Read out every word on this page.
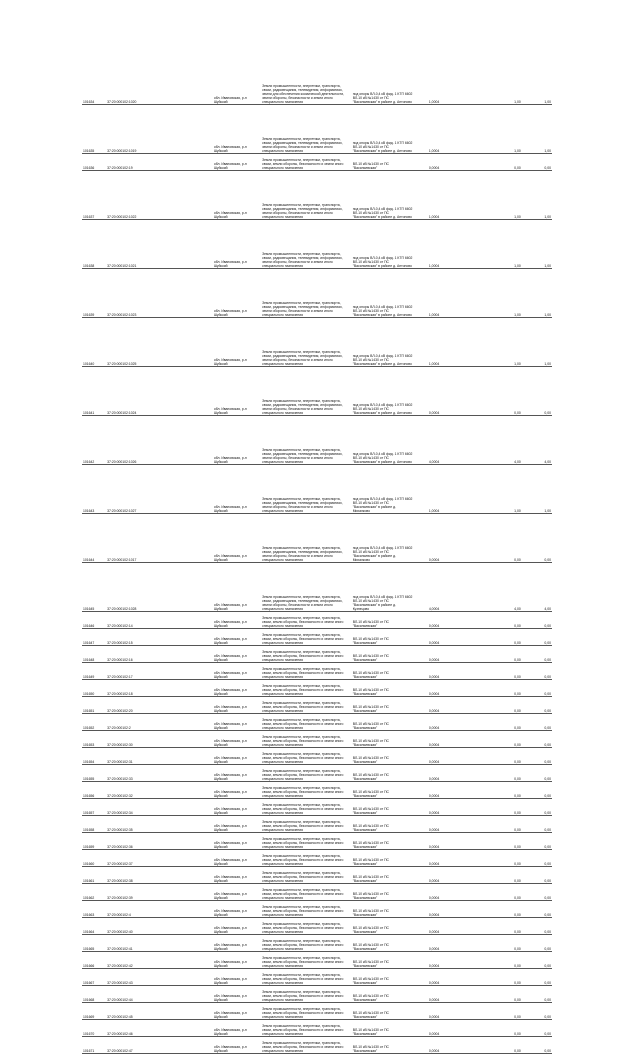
101634	37:20:000102:1020	обл. Ивановская, р-н Шуйский	Земли промышленности, энергетики, транспорта, связи, радиовещания, телевидения, информатики, земли для обеспечения космической деятельности, земли обороны, безопасности и земли иного специального назначения	под опоры ВЛ-0,4 кВ фид. 1 КТП 6602 ВЛ-10 кВ №1430 от ПС "Васильевская" в районе д. Антоново	1,0004		1,00	1,00
101635	37:20:000102:1019	обл. Ивановская, р-н Шуйский	Земли промышленности, энергетики, транспорта, связи, радиовещания, телевидения, информатики, земли обороны, безопасности и земли иного специального назначения	под опоры ВЛ-0,4 кВ фид. 1 КТП 6602 ВЛ-10 кВ №1430 от ПС "Васильевская" в районе д. Антоново	1,0004		1,00	1,00
101636	37:20:000102:19	обл. Ивановская, р-н Шуйский	Земли промышленности, энергетики, транспорта, связи, земли обороны, безопасности и земли иного специального назначения	ВЛ-10 кВ №1430 от ПС "Васильевская"	0,0004		0,00	0,00
101637	37:20:000102:1022	обл. Ивановская, р-н Шуйский	Земли промышленности, энергетики, транспорта, связи, радиовещания, телевидения, информатики, земли обороны, безопасности и земли иного специального назначения	под опоры ВЛ-0,4 кВ фид. 1 КТП 6602 ВЛ-10 кВ №1430 от ПС "Васильевская" в районе д. Антоново	1,0004		1,00	1,00
101638	37:20:000102:1021	обл. Ивановская, р-н Шуйский	Земли промышленности, энергетики, транспорта, связи, радиовещания, телевидения, информатики, земли обороны, безопасности и земли иного специального назначения	под опоры ВЛ-0,4 кВ фид. 1 КТП 6602 ВЛ-10 кВ №1430 от ПС "Васильевская" в районе д. Антоново	1,0004		1,00	1,00
101639	37:20:000102:1023	обл. Ивановская, р-н Шуйский	Земли промышленности, энергетики, транспорта, связи, радиовещания, телевидения, информатики, земли обороны, безопасности и земли иного специального назначения	под опоры ВЛ-0,4 кВ фид. 1 КТП 6602 ВЛ-10 кВ №1430 от ПС "Васильевская" в районе д. Антоново	1,0004		1,00	1,00
101640	37:20:000102:1025	обл. Ивановская, р-н Шуйский	Земли промышленности, энергетики, транспорта, связи, радиовещания, телевидения, информатики, земли обороны, безопасности и земли иного специального назначения	под опоры ВЛ-0,4 кВ фид. 1 КТП 6602 ВЛ-10 кВ №1430 от ПС "Васильевская" в районе д. Антоново	1,0004		1,00	1,00
101641	37:20:000102:1024	обл. Ивановская, р-н Шуйский	Земли промышленности, энергетики, транспорта, связи, радиовещания, телевидения, информатики, земли обороны, безопасности и земли иного специального назначения	под опоры ВЛ-0,4 кВ фид. 1 КТП 6602 ВЛ-10 кВ №1430 от ПС "Васильевская" в районе д. Антоново	0,0004		0,00	0,00
101642	37:20:000102:1026	обл. Ивановская, р-н Шуйский	Земли промышленности, энергетики, транспорта, связи, радиовещания, телевидения, информатики, земли обороны, безопасности и земли иного специального назначения	под опоры ВЛ-0,4 кВ фид. 1 КТП 6602 ВЛ-10 кВ №1430 от ПС "Васильевская" в районе д. Антоново	4,0004		4,00	4,00
101643	37:20:000102:1027	обл. Ивановская, р-н Шуйский	Земли промышленности, энергетики, транспорта, связи, радиовещания, телевидения, информатики, земли обороны, безопасности и земли иного специального назначения	под опоры ВЛ-0,4 кВ фид. 1 КТП 6602 ВЛ-10 кВ №1430 от ПС "Васильевская" в районе д. Михалково	1,0004		1,00	1,00
101644	37:20:000102:1017	обл. Ивановская, р-н Шуйский	Земли промышленности, энергетики, транспорта, связи, радиовещания, телевидения, информатики, земли обороны, безопасности и земли иного специального назначения	под опоры ВЛ-0,4 кВ фид. 1 КТП 6602 ВЛ-10 кВ №1430 от ПС "Васильевская" в районе д. Михалково	0,0004		0,00	0,00
101645	37:20:000102:1028	обл. Ивановская, р-н Шуйский	Земли промышленности, энергетики, транспорта, связи, радиовещания, телевидения, информатики, земли обороны, безопасности и земли иного специального назначения	под опоры ВЛ-0,4 кВ фид. 1 КТП 6602 ВЛ-10 кВ №1430 от ПС "Васильевская" в районе д. Кузнецово	4,0004		4,00	4,00
101646	37:20:000102:14	обл. Ивановская, р-н Шуйский	Земли промышленности, энергетики, транспорта, связи, земли обороны, безопасности и земли иного специального назначения	ВЛ-10 кВ №1430 от ПС "Васильевская"	0,0004		0,00	0,00
101647	37:20:000102:15	обл. Ивановская, р-н Шуйский	Земли промышленности, энергетики, транспорта, связи, земли обороны, безопасности и земли иного специального назначения	ВЛ-10 кВ №1430 от ПС "Васильевская"	0,0004		0,00	0,00
101648	37:20:000102:16	обл. Ивановская, р-н Шуйский	Земли промышленности, энергетики, транспорта, связи, земли обороны, безопасности и земли иного специального назначения	ВЛ-10 кВ №1430 от ПС "Васильевская"	0,0004		0,00	0,00
101649	37:20:000102:17	обл. Ивановская, р-н Шуйский	Земли промышленности, энергетики, транспорта, связи, земли обороны, безопасности и земли иного специального назначения	ВЛ-10 кВ №1430 от ПС "Васильевская"	0,0004		0,00	0,00
101650	37:20:000102:18	обл. Ивановская, р-н Шуйский	Земли промышленности, энергетики, транспорта, связи, земли обороны, безопасности и земли иного специального назначения	ВЛ-10 кВ №1430 от ПС "Васильевская"	0,0004		0,00	0,00
101651	37:20:000102:20	обл. Ивановская, р-н Шуйский	Земли промышленности, энергетики, транспорта, связи, земли обороны, безопасности и земли иного специального назначения	ВЛ-10 кВ №1430 от ПС "Васильевская"	0,0004		0,00	0,00
101652	37:20:000102:2	обл. Ивановская, р-н Шуйский	Земли промышленности, энергетики, транспорта, связи, земли обороны, безопасности и земли иного специального назначения	ВЛ-10 кВ №1430 от ПС "Васильевская"	0,0004		0,00	0,00
101653	37:20:000102:30	обл. Ивановская, р-н Шуйский	Земли промышленности, энергетики, транспорта, связи, земли обороны, безопасности и земли иного специального назначения	ВЛ-10 кВ №1430 от ПС "Васильевская"	0,0004		0,00	0,00
101654	37:20:000102:31	обл. Ивановская, р-н Шуйский	Земли промышленности, энергетики, транспорта, связи, земли обороны, безопасности и земли иного специального назначения	ВЛ-10 кВ №1430 от ПС "Васильевская"	0,0004		0,00	0,00
101655	37:20:000102:33	обл. Ивановская, р-н Шуйский	Земли промышленности, энергетики, транспорта, связи, земли обороны, безопасности и земли иного специального назначения	ВЛ-10 кВ №1430 от ПС "Васильевская"	0,0004		0,00	0,00
101656	37:20:000102:32	обл. Ивановская, р-н Шуйский	Земли промышленности, энергетики, транспорта, связи, земли обороны, безопасности и земли иного специального назначения	ВЛ-10 кВ №1430 от ПС "Васильевская"	0,0004		0,00	0,00
101657	37:20:000102:34	обл. Ивановская, р-н Шуйский	Земли промышленности, энергетики, транспорта, связи, земли обороны, безопасности и земли иного специального назначения	ВЛ-10 кВ №1430 от ПС "Васильевская"	0,0004		0,00	0,00
101658	37:20:000102:35	обл. Ивановская, р-н Шуйский	Земли промышленности, энергетики, транспорта, связи, земли обороны, безопасности и земли иного специального назначения	ВЛ-10 кВ №1430 от ПС "Васильевская"	0,0004		0,00	0,00
101659	37:20:000102:36	обл. Ивановская, р-н Шуйский	Земли промышленности, энергетики, транспорта, связи, земли обороны, безопасности и земли иного специального назначения	ВЛ-10 кВ №1430 от ПС "Васильевская"	0,0004		0,00	0,00
101660	37:20:000102:37	обл. Ивановская, р-н Шуйский	Земли промышленности, энергетики, транспорта, связи, земли обороны, безопасности и земли иного специального назначения	ВЛ-10 кВ №1430 от ПС "Васильевская"	0,0004		0,00	0,00
101661	37:20:000102:38	обл. Ивановская, р-н Шуйский	Земли промышленности, энергетики, транспорта, связи, земли обороны, безопасности и земли иного специального назначения	ВЛ-10 кВ №1430 от ПС "Васильевская"	0,0004		0,00	0,00
101662	37:20:000102:39	обл. Ивановская, р-н Шуйский	Земли промышленности, энергетики, транспорта, связи, земли обороны, безопасности и земли иного специального назначения	ВЛ-10 кВ №1430 от ПС "Васильевская"	0,0004		0,00	0,00
101663	37:20:000102:4	обл. Ивановская, р-н Шуйский	Земли промышленности, энергетики, транспорта, связи, земли обороны, безопасности и земли иного специального назначения	ВЛ-10 кВ №1430 от ПС "Васильевская"	0,0004		0,00	0,00
101664	37:20:000102:40	обл. Ивановская, р-н Шуйский	Земли промышленности, энергетики, транспорта, связи, земли обороны, безопасности и земли иного специального назначения	ВЛ-10 кВ №1430 от ПС "Васильевская"	0,0004		0,00	0,00
101665	37:20:000102:41	обл. Ивановская, р-н Шуйский	Земли промышленности, энергетики, транспорта, связи, земли обороны, безопасности и земли иного специального назначения	ВЛ-10 кВ №1430 от ПС "Васильевская"	0,0004		0,00	0,00
101666	37:20:000102:42	обл. Ивановская, р-н Шуйский	Земли промышленности, энергетики, транспорта, связи, земли обороны, безопасности и земли иного специального назначения	ВЛ-10 кВ №1430 от ПС "Васильевская"	0,0004		0,00	0,00
101667	37:20:000102:43	обл. Ивановская, р-н Шуйский	Земли промышленности, энергетики, транспорта, связи, земли обороны, безопасности и земли иного специального назначения	ВЛ-10 кВ №1430 от ПС "Васильевская"	0,0004		0,00	0,00
101668	37:20:000102:44	обл. Ивановская, р-н Шуйский	Земли промышленности, энергетики, транспорта, связи, земли обороны, безопасности и земли иного специального назначения	ВЛ-10 кВ №1430 от ПС "Васильевская"	0,0004		0,00	0,00
101669	37:20:000102:45	обл. Ивановская, р-н Шуйский	Земли промышленности, энергетики, транспорта, связи, земли обороны, безопасности и земли иного специального назначения	ВЛ-10 кВ №1430 от ПС "Васильевская"	0,0004		0,00	0,00
101670	37:20:000102:46	обл. Ивановская, р-н Шуйский	Земли промышленности, энергетики, транспорта, связи, земли обороны, безопасности и земли иного специального назначения	ВЛ-10 кВ №1430 от ПС "Васильевская"	0,0004		0,00	0,00
101671	37:20:000102:47	обл. Ивановская, р-н Шуйский	Земли промышленности, энергетики, транспорта, связи, земли обороны, безопасности и земли иного специального назначения	ВЛ-10 кВ №1430 от ПС "Васильевская"	0,0004		0,00	0,00
